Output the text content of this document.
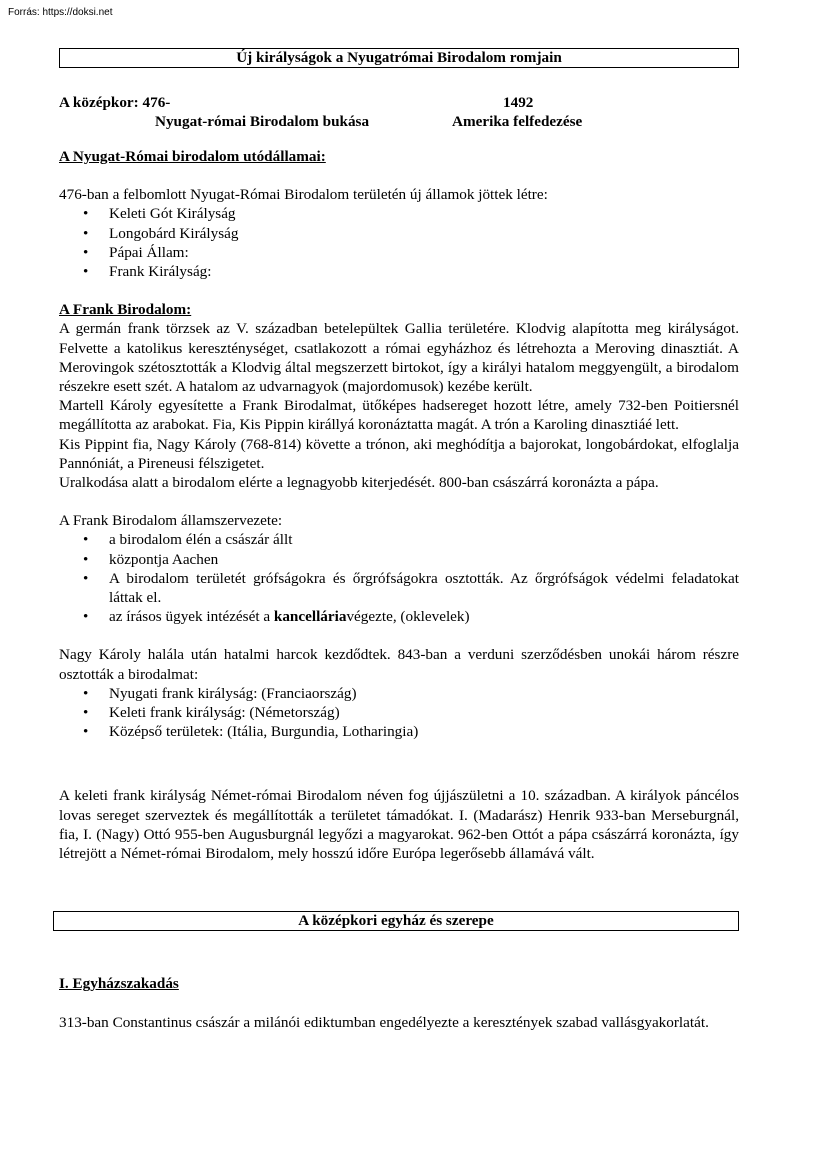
Forrás: https://doksi.net
Új királyságok a Nyugatrómai Birodalom romjain
A középkor: 476-	1492
Nyugat-római Birodalom bukása	Amerika felfedezése
A Nyugat-Római birodalom utódállamai:

476-ban a felbomlott Nyugat-Római Birodalom területén új államok jöttek létre:

• Keleti Gót Királyság
• Longobárd Királyság
• Pápai Állam:
• Frank Királyság:
A Frank Birodalom:

A germán frank törzsek az V. században betelepültek Gallia területére. Klodvig alapította meg királyságot. Felvette a katolikus kereszténységet, csatlakozott a római egyházhoz és létrehozta a Meroving dinasztiát. A Merovingok szétosztották a Klodvig által megszerzett birtokot, így a királyi hatalom meggyengült, a birodalom részekre esett szét. A hatalom az udvarnagyok (majordomusok) kezébe került.

Martell Károly egyesítette a Frank Birodalmat, ütőképes hadsereget hozott létre, amely 732-ben Poitiersnél megállította az arabokat. Fia, Kis Pippin királlyá koronáztatta magát. A trón a Karoling dinasztiáé lett.

Kis Pippint fia, Nagy Károly (768-814) követte a trónon, aki meghódítja a bajorokat, longobárdokat, elfoglalja Pannóniát, a Pireneusi félszigetet.

Uralkodása alatt a birodalom elérte a legnagyobb kiterjedését. 800-ban császárrá koronázta a pápa.

A Frank Birodalom államszervezete:

• a birodalom élén a császár állt
• központja Aachen
• A birodalom területét grófságokra és őrgrófságokra osztották. Az őrgrófságok védelmi feladatokat láttak el.
• az írásos ügyek intézését a kancelláriavégezte, (oklevelek)

Nagy Károly halála után hatalmi harcok kezdődtek. 843-ban a verduni szerződésben unokái három részre osztották a birodalmat:

• Nyugati frank királyság: (Franciaország)
• Keleti frank királyság: (Németország)
• Középső területek: (Itália, Burgundia, Lotharingia)

A keleti frank királyság Német-római Birodalom néven fog újjászületni a 10. században. A királyok páncélos lovas sereget szerveztek és megállították a területet támadókat. I. (Madarász) Henrik 933-ban Merseburgnál, fia, I. (Nagy) Ottó 955-ben Augusburgnál legyőzi a magyarokat. 962-ben Ottót a pápa császárrá koronázta, így létrejött a Német-római Birodalom, mely hosszú időre Európa legerősebb államává vált.

A középkori egyház és szerepe
I. Egyházszakadás

313-ban Constantinus császár a milánói ediktumban engedélyezte a keresztények szabad vallásgyakorlatát.
